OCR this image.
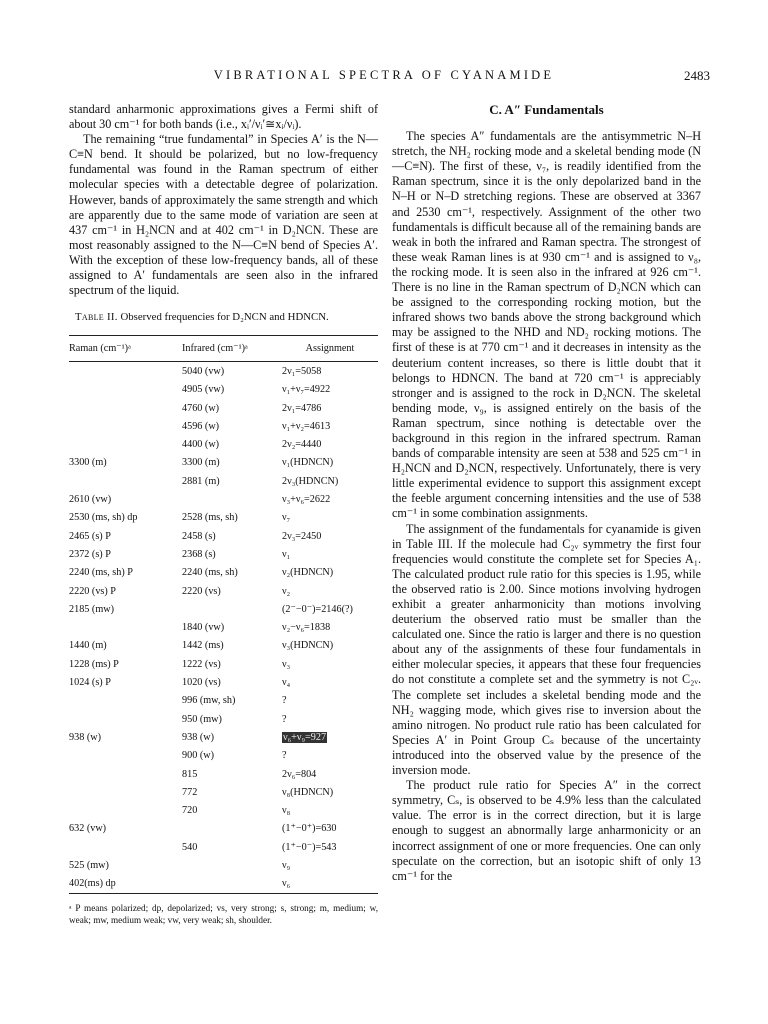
VIBRATIONAL SPECTRA OF CYANAMIDE	2483

standard anharmonic approximations gives a Fermi shift of about 30 cm⁻¹ for both bands (i.e., xᵢ′/νᵢ′≅xᵢ/νᵢ).

The remaining “true fundamental” in Species A′ is the N—C≡N bend. It should be polarized, but no low-frequency fundamental was found in the Raman spectrum of either molecular species with a detectable degree of polarization. However, bands of approximately the same strength and which are apparently due to the same mode of variation are seen at 437 cm⁻¹ in H₂NCN and at 402 cm⁻¹ in D₂NCN. These are most reasonably assigned to the N—C≡N bend of Species A′. With the exception of these low-frequency bands, all of these assigned to A′ fundamentals are seen also in the infrared spectrum of the liquid.

Table II. Observed frequencies for D₂NCN and HDNCN.
Raman (cm⁻¹)ᵃ	Infrared (cm⁻¹)ᵃ	Assignment
	5040 (vw)	2ν₁=5058
	4905 (vw)	ν₁+ν₇=4922
	4760 (w)	2ν₁=4786
	4596 (w)	ν₁+ν₂=4613
	4400 (w)	2ν₂=4440
3300 (m)	3300 (m)	ν₁(HDNCN)
	2881 (m)	2ν₃(HDNCN)
2610 (vw)		ν₃+ν₆=2622
2530 (ms, sh) dp	2528 (ms, sh)	ν₇
2465 (s) P	2458 (s)	2ν₃=2450
2372 (s) P	2368 (s)	ν₁
2240 (ms, sh) P	2240 (ms, sh)	ν₂(HDNCN)
2220 (vs) P	2220 (vs)	ν₂
2185 (mw)		(2⁻−0⁻)=2146(?)
	1840 (vw)	ν₂−ν₆=1838
1440 (m)	1442 (ms)	ν₃(HDNCN)
1228 (ms) P	1222 (vs)	ν₃
1024 (s) P	1020 (vs)	ν₄
	996 (mw, sh)	?
	950 (mw)	?
938 (w)	938 (w)	ν₆+ν₉=927
	900 (w)	?
	815	2ν₆=804
	772	ν₈(HDNCN)
	720	ν₈
632 (vw)		(1⁺−0⁺)=630
	540	(1⁺−0⁻)=543
525 (mw)		ν₉
402(ms) dp		ν₆
ᵃ P means polarized; dp, depolarized; vs, very strong; s, strong; m, medium; w, weak; mw, medium weak; vw, very weak; sh, shoulder.

C. A″ Fundamentals

The species A″ fundamentals are the antisymmetric N–H stretch, the NH₂ rocking mode and a skeletal bending mode (N—C≡N). The first of these, ν₇, is readily identified from the Raman spectrum, since it is the only depolarized band in the N–H or N–D stretching regions. These are observed at 3367 and 2530 cm⁻¹, respectively. Assignment of the other two fundamentals is difficult because all of the remaining bands are weak in both the infrared and Raman spectra. The strongest of these weak Raman lines is at 930 cm⁻¹ and is assigned to ν₈, the rocking mode. It is seen also in the infrared at 926 cm⁻¹. There is no line in the Raman spectrum of D₂NCN which can be assigned to the corresponding rocking motion, but the infrared shows two bands above the strong background which may be assigned to the NHD and ND₂ rocking motions. The first of these is at 770 cm⁻¹ and it decreases in intensity as the deuterium content increases, so there is little doubt that it belongs to HDNCN. The band at 720 cm⁻¹ is appreciably stronger and is assigned to the rock in D₂NCN. The skeletal bending mode, ν₉, is assigned entirely on the basis of the Raman spectrum, since nothing is detectable over the background in this region in the infrared spectrum. Raman bands of comparable intensity are seen at 538 and 525 cm⁻¹ in H₂NCN and D₂NCN, respectively. Unfortunately, there is very little experimental evidence to support this assignment except the feeble argument concerning intensities and the use of 538 cm⁻¹ in some combination assignments.

The assignment of the fundamentals for cyanamide is given in Table III. If the molecule had C₂ᵥ symmetry the first four frequencies would constitute the complete set for Species A₁. The calculated product rule ratio for this species is 1.95, while the observed ratio is 2.00. Since motions involving hydrogen exhibit a greater anharmonicity than motions involving deuterium the observed ratio must be smaller than the calculated one. Since the ratio is larger and there is no question about any of the assignments of these four fundamentals in either molecular species, it appears that these four frequencies do not constitute a complete set and the symmetry is not C₂ᵥ. The complete set includes a skeletal bending mode and the NH₂ wagging mode, which gives rise to inversion about the amino nitrogen. No product rule ratio has been calculated for Species A′ in Point Group Cₛ because of the uncertainty introduced into the observed value by the presence of the inversion mode.

The product rule ratio for Species A″ in the correct symmetry, Cₛ, is observed to be 4.9% less than the calculated value. The error is in the correct direction, but it is large enough to suggest an abnormally large anharmonicity or an incorrect assignment of one or more frequencies. One can only speculate on the correction, but an isotopic shift of only 13 cm⁻¹ for the
